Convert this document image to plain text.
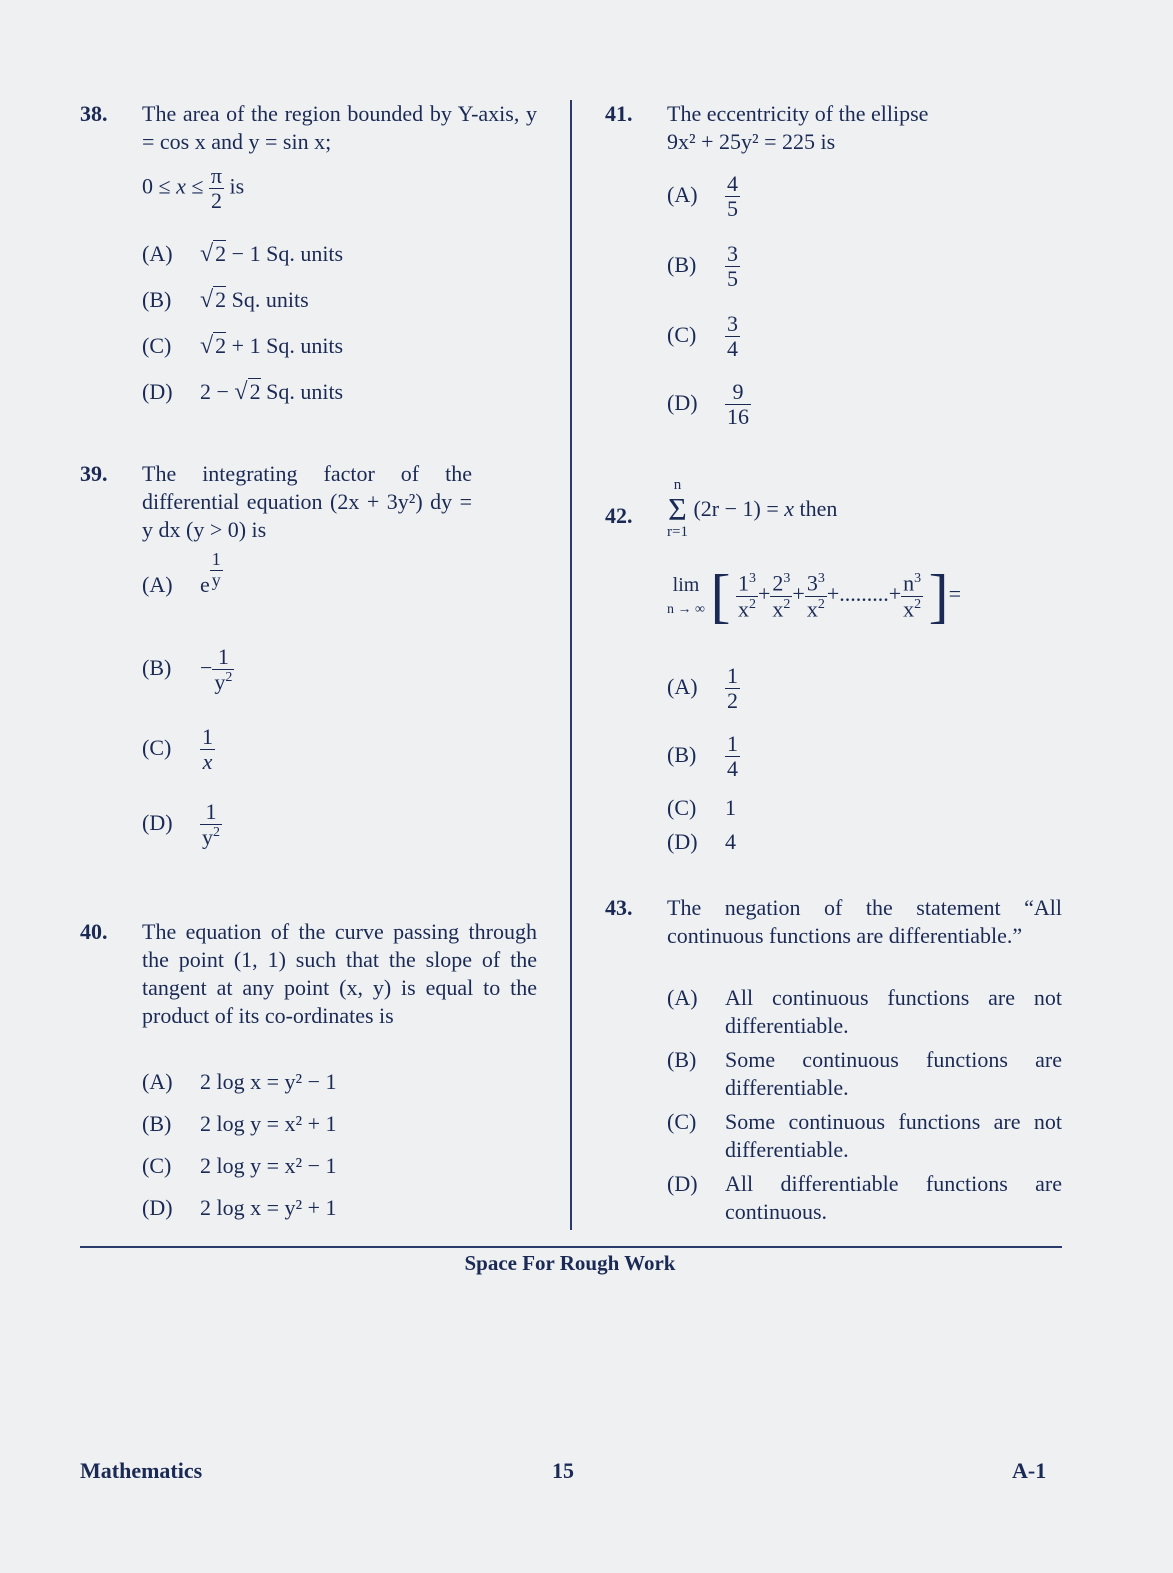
38.	The area of the region bounded by Y-axis, y = cos x and y = sin x;

$0 \le x \le \frac{\pi}{2}$ is
(A) √2 − 1 Sq. units
(B) √2 Sq. units
(C) √2 + 1 Sq. units
(D) 2 − √2 Sq. units
39.	The integrating factor of the differential equation (2x + 3y²) dy = y dx (y > 0) is

(A) e $^{\frac{1}{y}}$
$(B) - \frac{1}{y^2}$
$(C) \frac{1}{x}$
$(D) \frac{1}{y^2}$
40.	The equation of the curve passing through the point (1, 1) such that the slope of the tangent at any point (x, y) is equal to the product of its co-ordinates is

(A) 2 log x = y² − 1
(B) 2 log y = x² + 1
(C) 2 log y = x² − 1
(D) 2 log x = y² + 1
41.	The eccentricity of the ellipse

9x² + 25y² = 225 is

$(A) \frac{4}{5}$
$(B) \frac{3}{5}$
$(C) \frac{3}{4}$
$(D) \frac{9}{16}$
42.
n
Σ
r=1 (2r − 1) = x then
lim
n → ∞ [ $\frac{1^3}{x^2} + \frac{2^3}{x^2} + \frac{3^3}{x^2}$ +.........+ $\frac{n^3}{x^2}$ ]=
$(A) \frac{1}{2}$
$(B) \frac{1}{4}$
(C) 1
(D) 4
43.	The negation of the statement “All continuous functions are differentiable.”

(A)	All continuous functions are not differentiable.
(B)	Some continuous functions are differentiable.
(C)	Some continuous functions are not differentiable.
(D)	All differentiable functions are continuous.
Space For Rough Work
Mathematics	15	A-1
